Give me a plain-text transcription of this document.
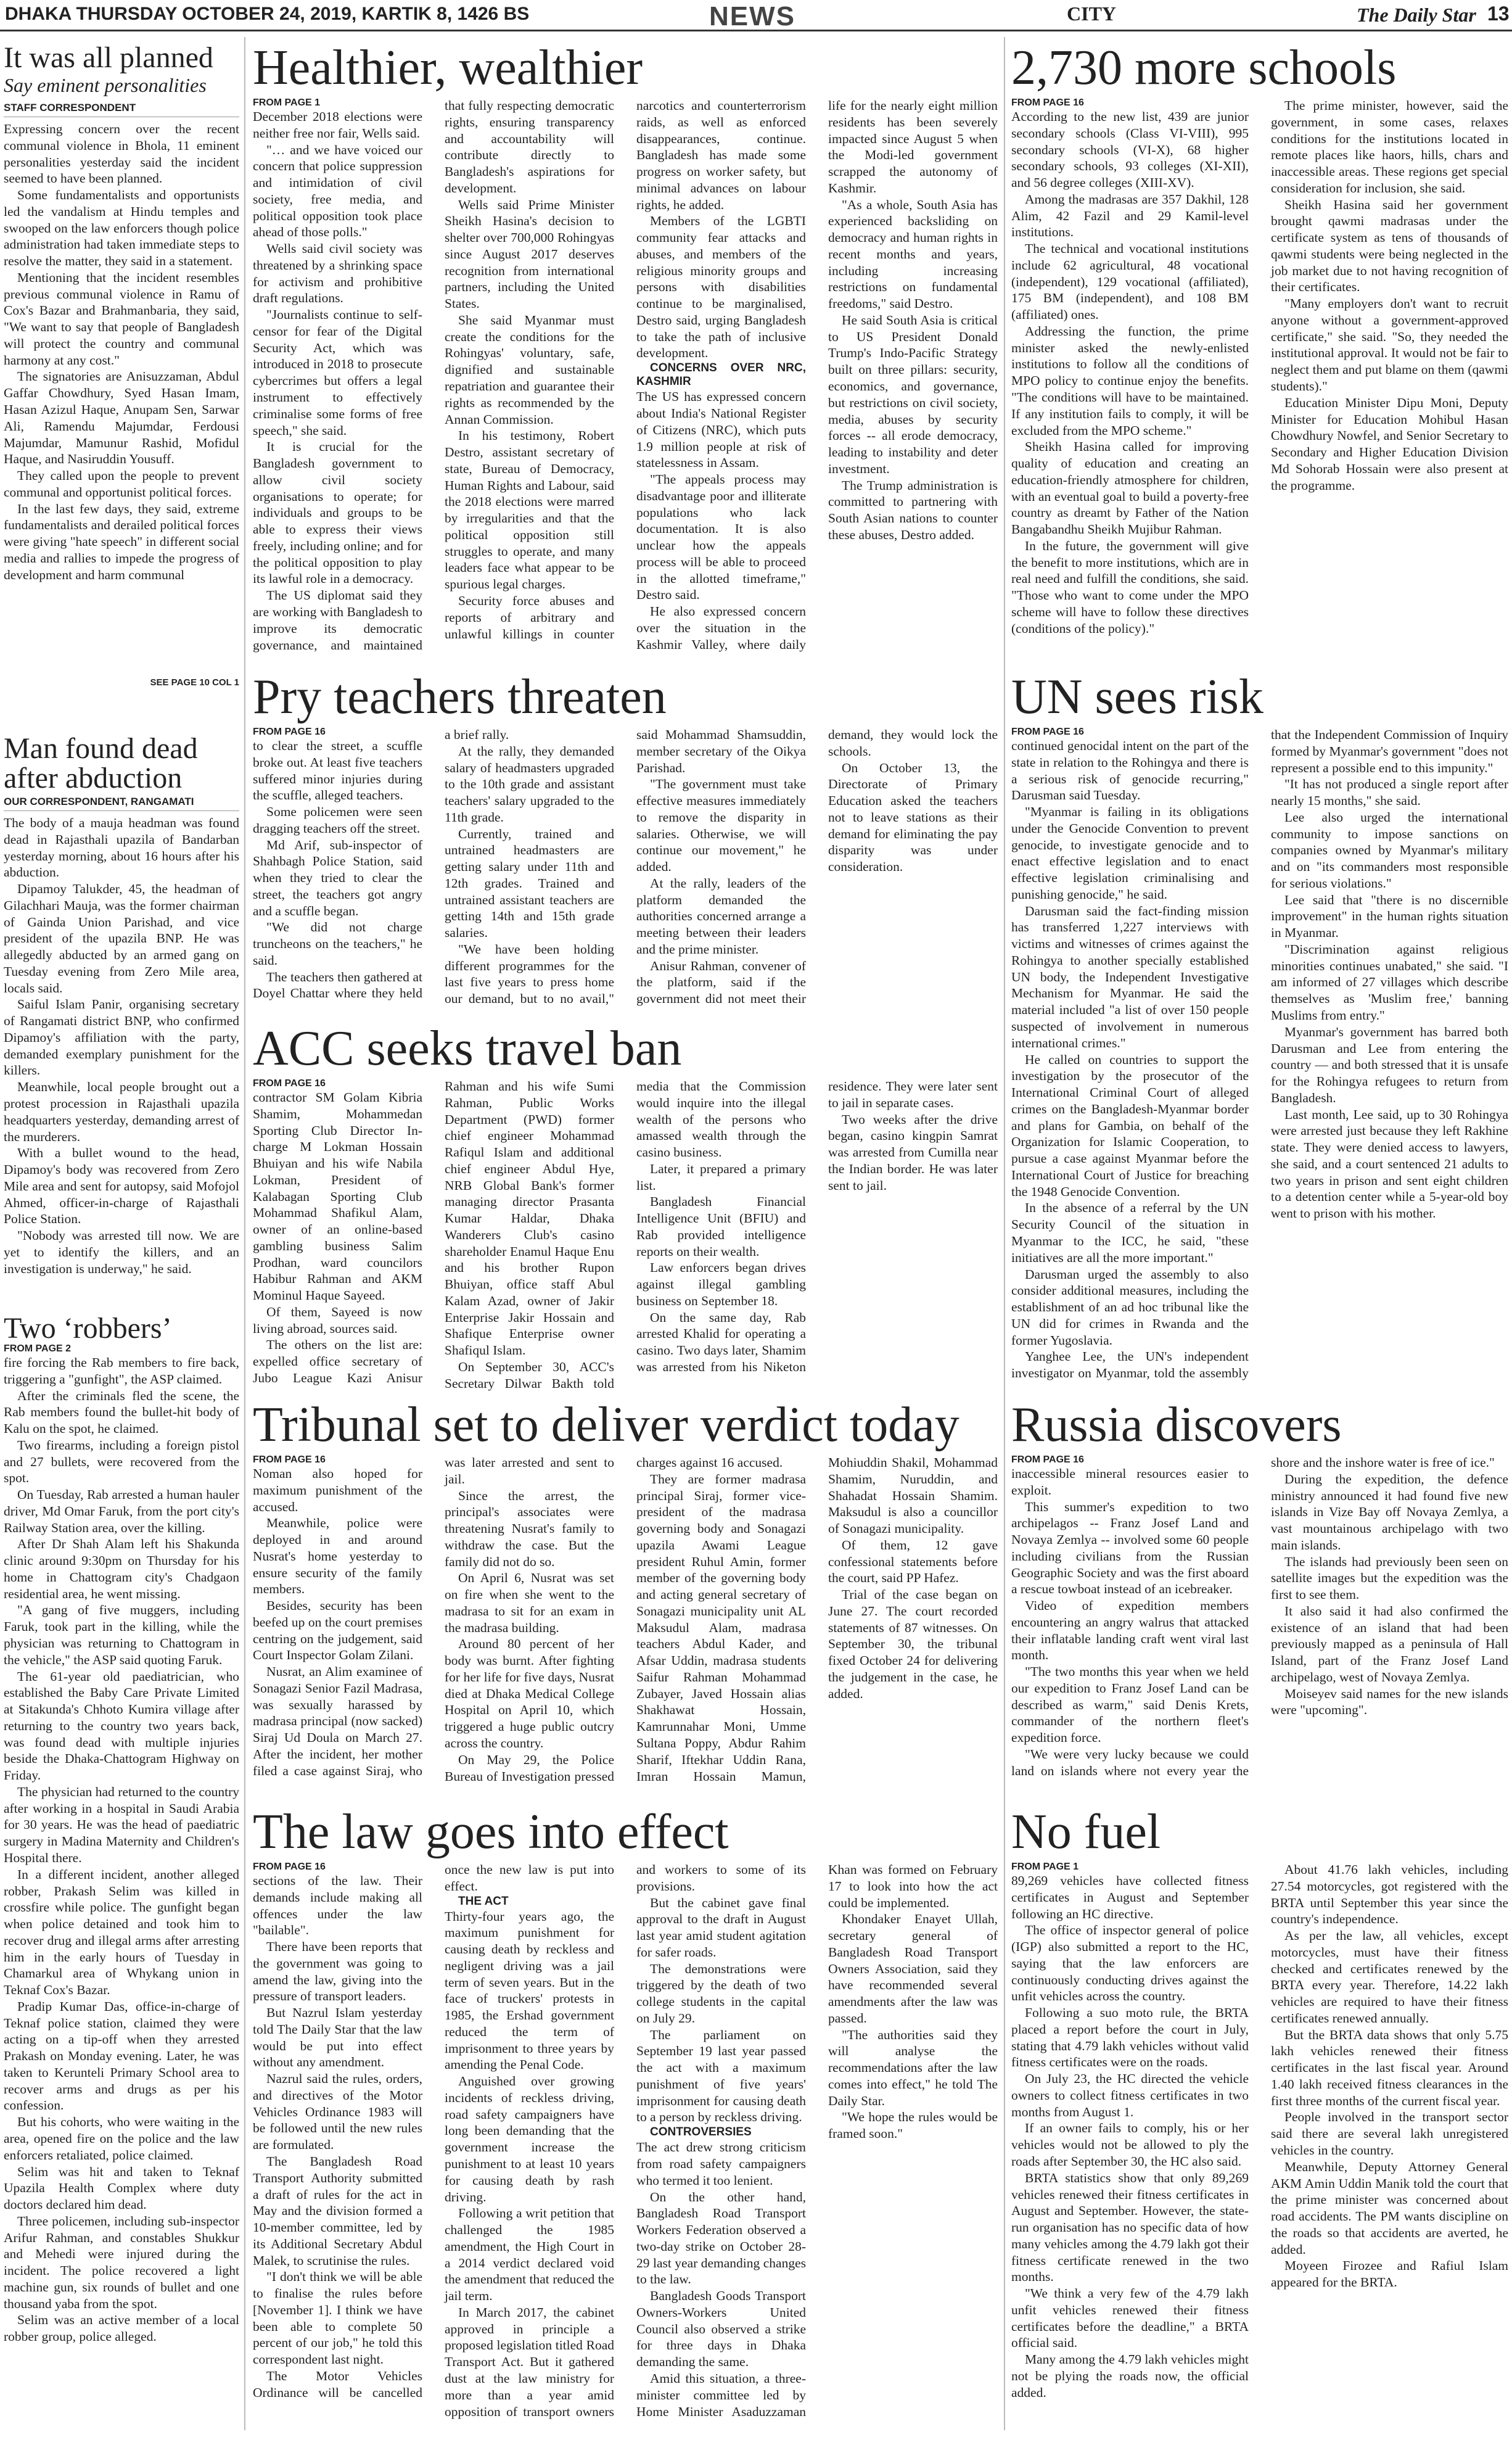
DHAKA THURSDAY OCTOBER 24, 2019, KARTIK 8, 1426 BS	NEWS	CITY	The Daily Star 13
It was all planned
Say eminent personalities
STAFF CORRESPONDENT

Expressing concern over the recent communal violence in Bhola, 11 eminent personalities yesterday said the incident seemed to have been planned.

Some fundamentalists and opportunists led the vandalism at Hindu temples and swooped on the law enforcers though police administration had taken immediate steps to resolve the matter, they said in a statement.

Mentioning that the incident resembles previous communal violence in Ramu of Cox's Bazar and Brahmanbaria, they said, "We want to say that people of Bangladesh will protect the country and communal harmony at any cost."

The signatories are Anisuzzaman, Abdul Gaffar Chowdhury, Syed Hasan Imam, Hasan Azizul Haque, Anupam Sen, Sarwar Ali, Ramendu Majumdar, Ferdousi Majumdar, Mamunur Rashid, Mofidul Haque, and Nasiruddin Yousuff.

They called upon the people to prevent communal and opportunist political forces.

In the last few days, they said, extreme fundamentalists and derailed political forces were giving "hate speech" in different social media and rallies to impede the progress of development and harm communal

SEE PAGE 10 COL 1
Man found dead after abduction
OUR CORRESPONDENT, RANGAMATI

The body of a mauja headman was found dead in Rajasthali upazila of Bandarban yesterday morning, about 16 hours after his abduction.

Dipamoy Talukder, 45, the headman of Gilachhari Mauja, was the former chairman of Gainda Union Parishad, and vice president of the upazila BNP. He was allegedly abducted by an armed gang on Tuesday evening from Zero Mile area, locals said.

Saiful Islam Panir, organising secretary of Rangamati district BNP, who confirmed Dipamoy's affiliation with the party, demanded exemplary punishment for the killers.

Meanwhile, local people brought out a protest procession in Rajasthali upazila headquarters yesterday, demanding arrest of the murderers.

With a bullet wound to the head, Dipamoy's body was recovered from Zero Mile area and sent for autopsy, said Mofojol Ahmed, officer-in-charge of Rajasthali Police Station.

"Nobody was arrested till now. We are yet to identify the killers, and an investigation is underway," he said.

Two ‘robbers’
FROM PAGE 2

fire forcing the Rab members to fire back, triggering a "gunfight", the ASP claimed.

After the criminals fled the scene, the Rab members found the bullet-hit body of Kalu on the spot, he claimed.

Two firearms, including a foreign pistol and 27 bullets, were recovered from the spot.

On Tuesday, Rab arrested a human hauler driver, Md Omar Faruk, from the port city's Railway Station area, over the killing.

After Dr Shah Alam left his Shakunda clinic around 9:30pm on Thursday for his home in Chattogram city's Chadgaon residential area, he went missing.

"A gang of five muggers, including Faruk, took part in the killing, while the physician was returning to Chattogram in the vehicle," the ASP said quoting Faruk.

The 61-year old paediatrician, who established the Baby Care Private Limited at Sitakunda's Chhoto Kumira village after returning to the country two years back, was found dead with multiple injuries beside the Dhaka-Chattogram Highway on Friday.

The physician had returned to the country after working in a hospital in Saudi Arabia for 30 years. He was the head of paediatric surgery in Madina Maternity and Children's Hospital there.

In a different incident, another alleged robber, Prakash Selim was killed in crossfire while police. The gunfight began when police detained and took him to recover drug and illegal arms after arresting him in the early hours of Tuesday in Chamarkul area of Whykang union in Teknaf Cox's Bazar.

Pradip Kumar Das, office-in-charge of Teknaf police station, claimed they were acting on a tip-off when they arrested Prakash on Monday evening. Later, he was taken to Kerunteli Primary School area to recover arms and drugs as per his confession.

But his cohorts, who were waiting in the area, opened fire on the police and the law enforcers retaliated, police claimed.

Selim was hit and taken to Teknaf Upazila Health Complex where duty doctors declared him dead.

Three policemen, including sub-inspector Arifur Rahman, and constables Shukkur and Mehedi were injured during the incident. The police recovered a light machine gun, six rounds of bullet and one thousand yaba from the spot.

Selim was an active member of a local robber group, police alleged.

Healthier, wealthier
FROM PAGE 1

December 2018 elections were neither free nor fair, Wells said.

"… and we have voiced our concern that police suppression and intimidation of civil society, free media, and political opposition took place ahead of those polls."

Wells said civil society was threatened by a shrinking space for activism and prohibitive draft regulations.

"Journalists continue to self-censor for fear of the Digital Security Act, which was introduced in 2018 to prosecute cybercrimes but offers a legal instrument to effectively criminalise some forms of free speech," she said.

It is crucial for the Bangladesh government to allow civil society organisations to operate; for individuals and groups to be able to express their views freely, including online; and for the political opposition to play its lawful role in a democracy.

The US diplomat said they are working with Bangladesh to improve its democratic governance, and maintained that fully respecting democratic rights, ensuring transparency and accountability will contribute directly to Bangladesh's aspirations for development.

Wells said Prime Minister Sheikh Hasina's decision to shelter over 700,000 Rohingyas since August 2017 deserves recognition from international partners, including the United States.

She said Myanmar must create the conditions for the Rohingyas' voluntary, safe, dignified and sustainable repatriation and guarantee their rights as recommended by the Annan Commission.

In his testimony, Robert Destro, assistant secretary of state, Bureau of Democracy, Human Rights and Labour, said the 2018 elections were marred by irregularities and that the political opposition still struggles to operate, and many leaders face what appear to be spurious legal charges.

Security force abuses and reports of arbitrary and unlawful killings in counter narcotics and counterterrorism raids, as well as enforced disappearances, continue. Bangladesh has made some progress on worker safety, but minimal advances on labour rights, he added.

Members of the LGBTI community fear attacks and abuses, and members of the religious minority groups and persons with disabilities continue to be marginalised, Destro said, urging Bangladesh to take the path of inclusive development.

CONCERNS OVER NRC, KASHMIR

The US has expressed concern about India's National Register of Citizens (NRC), which puts 1.9 million people at risk of statelessness in Assam.

"The appeals process may disadvantage poor and illiterate populations who lack documentation. It is also unclear how the appeals process will be able to proceed in the allotted timeframe," Destro said.

He also expressed concern over the situation in the Kashmir Valley, where daily life for the nearly eight million residents has been severely impacted since August 5 when the Modi-led government scrapped the autonomy of Kashmir.

"As a whole, South Asia has experienced backsliding on democracy and human rights in recent months and years, including increasing restrictions on fundamental freedoms," said Destro.

He said South Asia is critical to US President Donald Trump's Indo-Pacific Strategy built on three pillars: security, economics, and governance, but restrictions on civil society, media, abuses by security forces -- all erode democracy, leading to instability and deter investment.

The Trump administration is committed to partnering with South Asian nations to counter these abuses, Destro added.

Pry teachers threaten
FROM PAGE 16

to clear the street, a scuffle broke out. At least five teachers suffered minor injuries during the scuffle, alleged teachers.

Some policemen were seen dragging teachers off the street.

Md Arif, sub-inspector of Shahbagh Police Station, said when they tried to clear the street, the teachers got angry and a scuffle began.

"We did not charge truncheons on the teachers," he said.

The teachers then gathered at Doyel Chattar where they held a brief rally.

At the rally, they demanded salary of headmasters upgraded to the 10th grade and assistant teachers' salary upgraded to the 11th grade.

Currently, trained and untrained headmasters are getting salary under 11th and 12th grades. Trained and untrained assistant teachers are getting 14th and 15th grade salaries.

"We have been holding different programmes for the last five years to press home our demand, but to no avail," said Mohammad Shamsuddin, member secretary of the Oikya Parishad.

"The government must take effective measures immediately to remove the disparity in salaries. Otherwise, we will continue our movement," he added.

At the rally, leaders of the platform demanded the authorities concerned arrange a meeting between their leaders and the prime minister.

Anisur Rahman, convener of the platform, said if the government did not meet their demand, they would lock the schools.

On October 13, the Directorate of Primary Education asked the teachers not to leave stations as their demand for eliminating the pay disparity was under consideration.

ACC seeks travel ban
FROM PAGE 16

contractor SM Golam Kibria Shamim, Mohammedan Sporting Club Director In-charge M Lokman Hossain Bhuiyan and his wife Nabila Lokman, President of Kalabagan Sporting Club Mohammad Shafikul Alam, owner of an online-based gambling business Salim Prodhan, ward councilors Habibur Rahman and AKM Mominul Haque Sayeed.

Of them, Sayeed is now living abroad, sources said.

The others on the list are: expelled office secretary of Jubo League Kazi Anisur Rahman and his wife Sumi Rahman, Public Works Department (PWD) former chief engineer Mohammad Rafiqul Islam and additional chief engineer Abdul Hye, NRB Global Bank's former managing director Prasanta Kumar Haldar, Dhaka Wanderers Club's casino shareholder Enamul Haque Enu and his brother Rupon Bhuiyan, office staff Abul Kalam Azad, owner of Jakir Enterprise Jakir Hossain and Shafique Enterprise owner Shafiqul Islam.

On September 30, ACC's Secretary Dilwar Bakth told media that the Commission would inquire into the illegal wealth of the persons who amassed wealth through the casino business.

Later, it prepared a primary list.

Bangladesh Financial Intelligence Unit (BFIU) and Rab provided intelligence reports on their wealth.

Law enforcers began drives against illegal gambling business on September 18.

On the same day, Rab arrested Khalid for operating a casino. Two days later, Shamim was arrested from his Niketon residence. They were later sent to jail in separate cases.

Two weeks after the drive began, casino kingpin Samrat was arrested from Cumilla near the Indian border. He was later sent to jail.

Tribunal set to deliver verdict today
FROM PAGE 16

Noman also hoped for maximum punishment of the accused.

Meanwhile, police were deployed in and around Nusrat's home yesterday to ensure security of the family members.

Besides, security has been beefed up on the court premises centring on the judgement, said Court Inspector Golam Zilani.

Nusrat, an Alim examinee of Sonagazi Senior Fazil Madrasa, was sexually harassed by madrasa principal (now sacked) Siraj Ud Doula on March 27. After the incident, her mother filed a case against Siraj, who was later arrested and sent to jail.

Since the arrest, the principal's associates were threatening Nusrat's family to withdraw the case. But the family did not do so.

On April 6, Nusrat was set on fire when she went to the madrasa to sit for an exam in the madrasa building.

Around 80 percent of her body was burnt. After fighting for her life for five days, Nusrat died at Dhaka Medical College Hospital on April 10, which triggered a huge public outcry across the country.

On May 29, the Police Bureau of Investigation pressed charges against 16 accused.

They are former madrasa principal Siraj, former vice-president of the madrasa governing body and Sonagazi upazila Awami League president Ruhul Amin, former member of the governing body and acting general secretary of Sonagazi municipality unit AL Maksudul Alam, madrasa teachers Abdul Kader, and Afsar Uddin, madrasa students Saifur Rahman Mohammad Zubayer, Javed Hossain alias Shakhawat Hossain, Kamrunnahar Moni, Umme Sultana Poppy, Abdur Rahim Sharif, Iftekhar Uddin Rana, Imran Hossain Mamun, Mohiuddin Shakil, Mohammad Shamim, Nuruddin, and Shahadat Hossain Shamim. Maksudul is also a councillor of Sonagazi municipality.

Of them, 12 gave confessional statements before the court, said PP Hafez.

Trial of the case began on June 27. The court recorded statements of 87 witnesses. On September 30, the tribunal fixed October 24 for delivering the judgement in the case, he added.

The law goes into effect
FROM PAGE 16

sections of the law. Their demands include making all offences under the law "bailable".

There have been reports that the government was going to amend the law, giving into the pressure of transport leaders.

But Nazrul Islam yesterday told The Daily Star that the law would be put into effect without any amendment.

Nazrul said the rules, orders, and directives of the Motor Vehicles Ordinance 1983 will be followed until the new rules are formulated.

The Bangladesh Road Transport Authority submitted a draft of rules for the act in May and the division formed a 10-member committee, led by its Additional Secretary Abdul Malek, to scrutinise the rules.

"I don't think we will be able to finalise the rules before [November 1]. I think we have been able to complete 50 percent of our job," he told this correspondent last night.

The Motor Vehicles Ordinance will be cancelled once the new law is put into effect.

THE ACT

Thirty-four years ago, the maximum punishment for causing death by reckless and negligent driving was a jail term of seven years. But in the face of truckers' protests in 1985, the Ershad government reduced the term of imprisonment to three years by amending the Penal Code.

Anguished over growing incidents of reckless driving, road safety campaigners have long been demanding that the government increase the punishment to at least 10 years for causing death by rash driving.

Following a writ petition that challenged the 1985 amendment, the High Court in a 2014 verdict declared void the amendment that reduced the jail term.

In March 2017, the cabinet approved in principle a proposed legislation titled Road Transport Act. But it gathered dust at the law ministry for more than a year amid opposition of transport owners and workers to some of its provisions.

But the cabinet gave final approval to the draft in August last year amid student agitation for safer roads.

The demonstrations were triggered by the death of two college students in the capital on July 29.

The parliament on September 19 last year passed the act with a maximum punishment of five years' imprisonment for causing death to a person by reckless driving.

CONTROVERSIES

The act drew strong criticism from road safety campaigners who termed it too lenient.

On the other hand, Bangladesh Road Transport Workers Federation observed a two-day strike on October 28-29 last year demanding changes to the law.

Bangladesh Goods Transport Owners-Workers United Council also observed a strike for three days in Dhaka demanding the same.

Amid this situation, a three-minister committee led by Home Minister Asaduzzaman Khan was formed on February 17 to look into how the act could be implemented.

Khondaker Enayet Ullah, secretary general of Bangladesh Road Transport Owners Association, said they have recommended several amendments after the law was passed.

"The authorities said they will analyse the recommendations after the law comes into effect," he told The Daily Star.

"We hope the rules would be framed soon."

2,730 more schools
FROM PAGE 16

According to the new list, 439 are junior secondary schools (Class VI-VIII), 995 secondary schools (VI-X), 68 higher secondary schools, 93 colleges (XI-XII), and 56 degree colleges (XIII-XV).

Among the madrasas are 357 Dakhil, 128 Alim, 42 Fazil and 29 Kamil-level institutions.

The technical and vocational institutions include 62 agricultural, 48 vocational (independent), 129 vocational (affiliated), 175 BM (independent), and 108 BM (affiliated) ones.

Addressing the function, the prime minister asked the newly-enlisted institutions to follow all the conditions of MPO policy to continue enjoy the benefits. "The conditions will have to be maintained. If any institution fails to comply, it will be excluded from the MPO scheme."

Sheikh Hasina called for improving quality of education and creating an education-friendly atmosphere for children, with an eventual goal to build a poverty-free country as dreamt by Father of the Nation Bangabandhu Sheikh Mujibur Rahman.

In the future, the government will give the benefit to more institutions, which are in real need and fulfill the conditions, she said. "Those who want to come under the MPO scheme will have to follow these directives (conditions of the policy)."

The prime minister, however, said the government, in some cases, relaxes conditions for the institutions located in remote places like haors, hills, chars and inaccessible areas. These regions get special consideration for inclusion, she said.

Sheikh Hasina said her government brought qawmi madrasas under the certificate system as tens of thousands of qawmi students were being neglected in the job market due to not having recognition of their certificates.

"Many employers don't want to recruit anyone without a government-approved certificate," she said. "So, they needed the institutional approval. It would not be fair to neglect them and put blame on them (qawmi students)."

Education Minister Dipu Moni, Deputy Minister for Education Mohibul Hasan Chowdhury Nowfel, and Senior Secretary to Secondary and Higher Education Division Md Sohorab Hossain were also present at the programme.

UN sees risk
FROM PAGE 16

continued genocidal intent on the part of the state in relation to the Rohingya and there is a serious risk of genocide recurring," Darusman said Tuesday.

"Myanmar is failing in its obligations under the Genocide Convention to prevent genocide, to investigate genocide and to enact effective legislation and to enact effective legislation criminalising and punishing genocide," he said.

Darusman said the fact-finding mission has transferred 1,227 interviews with victims and witnesses of crimes against the Rohingya to another specially established UN body, the Independent Investigative Mechanism for Myanmar. He said the material included "a list of over 150 people suspected of involvement in numerous international crimes."

He called on countries to support the investigation by the prosecutor of the International Criminal Court of alleged crimes on the Bangladesh-Myanmar border and plans for Gambia, on behalf of the Organization for Islamic Cooperation, to pursue a case against Myanmar before the International Court of Justice for breaching the 1948 Genocide Convention.

In the absence of a referral by the UN Security Council of the situation in Myanmar to the ICC, he said, "these initiatives are all the more important."

Darusman urged the assembly to also consider additional measures, including the establishment of an ad hoc tribunal like the UN did for crimes in Rwanda and the former Yugoslavia.

Yanghee Lee, the UN's independent investigator on Myanmar, told the assembly that the Independent Commission of Inquiry formed by Myanmar's government "does not represent a possible end to this impunity."

"It has not produced a single report after nearly 15 months," she said.

Lee also urged the international community to impose sanctions on companies owned by Myanmar's military and on "its commanders most responsible for serious violations."

Lee said that "there is no discernible improvement" in the human rights situation in Myanmar.

"Discrimination against religious minorities continues unabated," she said. "I am informed of 27 villages which describe themselves as 'Muslim free,' banning Muslims from entry."

Myanmar's government has barred both Darusman and Lee from entering the country — and both stressed that it is unsafe for the Rohingya refugees to return from Bangladesh.

Last month, Lee said, up to 30 Rohingya were arrested just because they left Rakhine state. They were denied access to lawyers, she said, and a court sentenced 21 adults to two years in prison and sent eight children to a detention center while a 5-year-old boy went to prison with his mother.

Russia discovers
FROM PAGE 16

inaccessible mineral resources easier to exploit.

This summer's expedition to two archipelagos -- Franz Josef Land and Novaya Zemlya -- involved some 60 people including civilians from the Russian Geographic Society and was the first aboard a rescue towboat instead of an icebreaker.

Video of expedition members encountering an angry walrus that attacked their inflatable landing craft went viral last month.

"The two months this year when we held our expedition to Franz Josef Land can be described as warm," said Denis Krets, commander of the northern fleet's expedition force.

"We were very lucky because we could land on islands where not every year the shore and the inshore water is free of ice."

During the expedition, the defence ministry announced it had found five new islands in Vize Bay off Novaya Zemlya, a vast mountainous archipelago with two main islands.

The islands had previously been seen on satellite images but the expedition was the first to see them.

It also said it had also confirmed the existence of an island that had been previously mapped as a peninsula of Hall Island, part of the Franz Josef Land archipelago, west of Novaya Zemlya.

Moiseyev said names for the new islands were "upcoming".

No fuel
FROM PAGE 1

89,269 vehicles have collected fitness certificates in August and September following an HC directive.

The office of inspector general of police (IGP) also submitted a report to the HC, saying that the law enforcers are continuously conducting drives against the unfit vehicles across the country.

Following a suo moto rule, the BRTA placed a report before the court in July, stating that 4.79 lakh vehicles without valid fitness certificates were on the roads.

On July 23, the HC directed the vehicle owners to collect fitness certificates in two months from August 1.

If an owner fails to comply, his or her vehicles would not be allowed to ply the roads after September 30, the HC also said.

BRTA statistics show that only 89,269 vehicles renewed their fitness certificates in August and September. However, the state-run organisation has no specific data of how many vehicles among the 4.79 lakh got their fitness certificate renewed in the two months.

"We think a very few of the 4.79 lakh unfit vehicles renewed their fitness certificates before the deadline," a BRTA official said.

Many among the 4.79 lakh vehicles might not be plying the roads now, the official added.

About 41.76 lakh vehicles, including 27.54 motorcycles, got registered with the BRTA until September this year since the country's independence.

As per the law, all vehicles, except motorcycles, must have their fitness checked and certificates renewed by the BRTA every year. Therefore, 14.22 lakh vehicles are required to have their fitness certificates renewed annually.

But the BRTA data shows that only 5.75 lakh vehicles renewed their fitness certificates in the last fiscal year. Around 1.40 lakh received fitness clearances in the first three months of the current fiscal year.

People involved in the transport sector said there are several lakh unregistered vehicles in the country.

Meanwhile, Deputy Attorney General AKM Amin Uddin Manik told the court that the prime minister was concerned about road accidents. The PM wants discipline on the roads so that accidents are averted, he added.

Moyeen Firozee and Rafiul Islam appeared for the BRTA.
